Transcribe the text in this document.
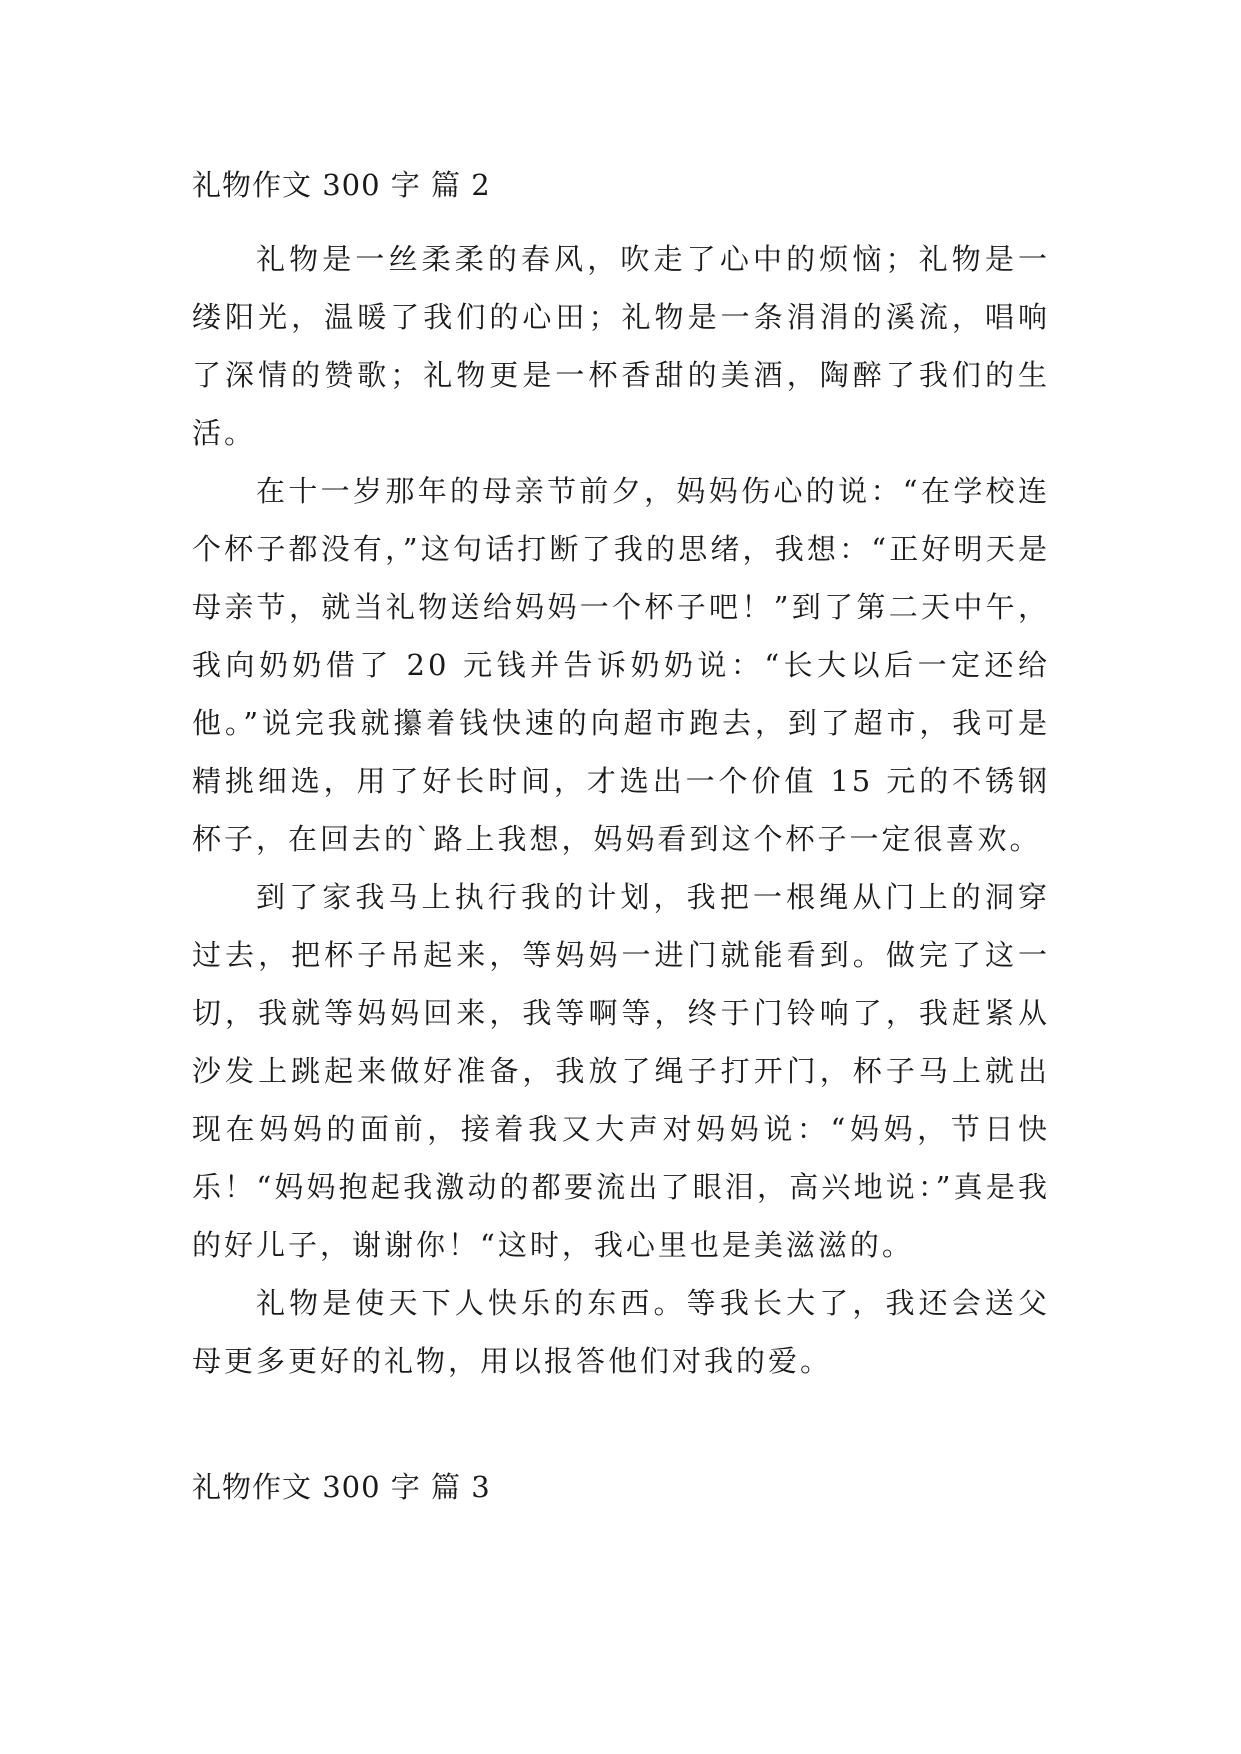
礼物作文 300 字 篇 2

礼物是一丝柔柔的春风，吹走了心中的烦恼；礼物是一缕阳光，温暖了我们的心田；礼物是一条涓涓的溪流，唱响了深情的赞歌；礼物更是一杯香甜的美酒，陶醉了我们的生活。

在十一岁那年的母亲节前夕，妈妈伤心的说：“在学校连个杯子都没有，”这句话打断了我的思绪，我想：“正好明天是母亲节，就当礼物送给妈妈一个杯子吧！”到了第二天中午，我向奶奶借了 20 元钱并告诉奶奶说：“长大以后一定还给他。”说完我就攥着钱快速的向超市跑去，到了超市，我可是精挑细选，用了好长时间，才选出一个价值 15 元的不锈钢杯子，在回去的`路上我想，妈妈看到这个杯子一定很喜欢。

到了家我马上执行我的计划，我把一根绳从门上的洞穿过去，把杯子吊起来，等妈妈一进门就能看到。做完了这一切，我就等妈妈回来，我等啊等，终于门铃响了，我赶紧从沙发上跳起来做好准备，我放了绳子打开门，杯子马上就出现在妈妈的面前，接着我又大声对妈妈说：“妈妈，节日快乐！“妈妈抱起我激动的都要流出了眼泪，高兴地说：”真是我的好儿子，谢谢你！“这时，我心里也是美滋滋的。

礼物是使天下人快乐的东西。等我长大了，我还会送父母更多更好的礼物，用以报答他们对我的爱。

礼物作文 300 字 篇 3
